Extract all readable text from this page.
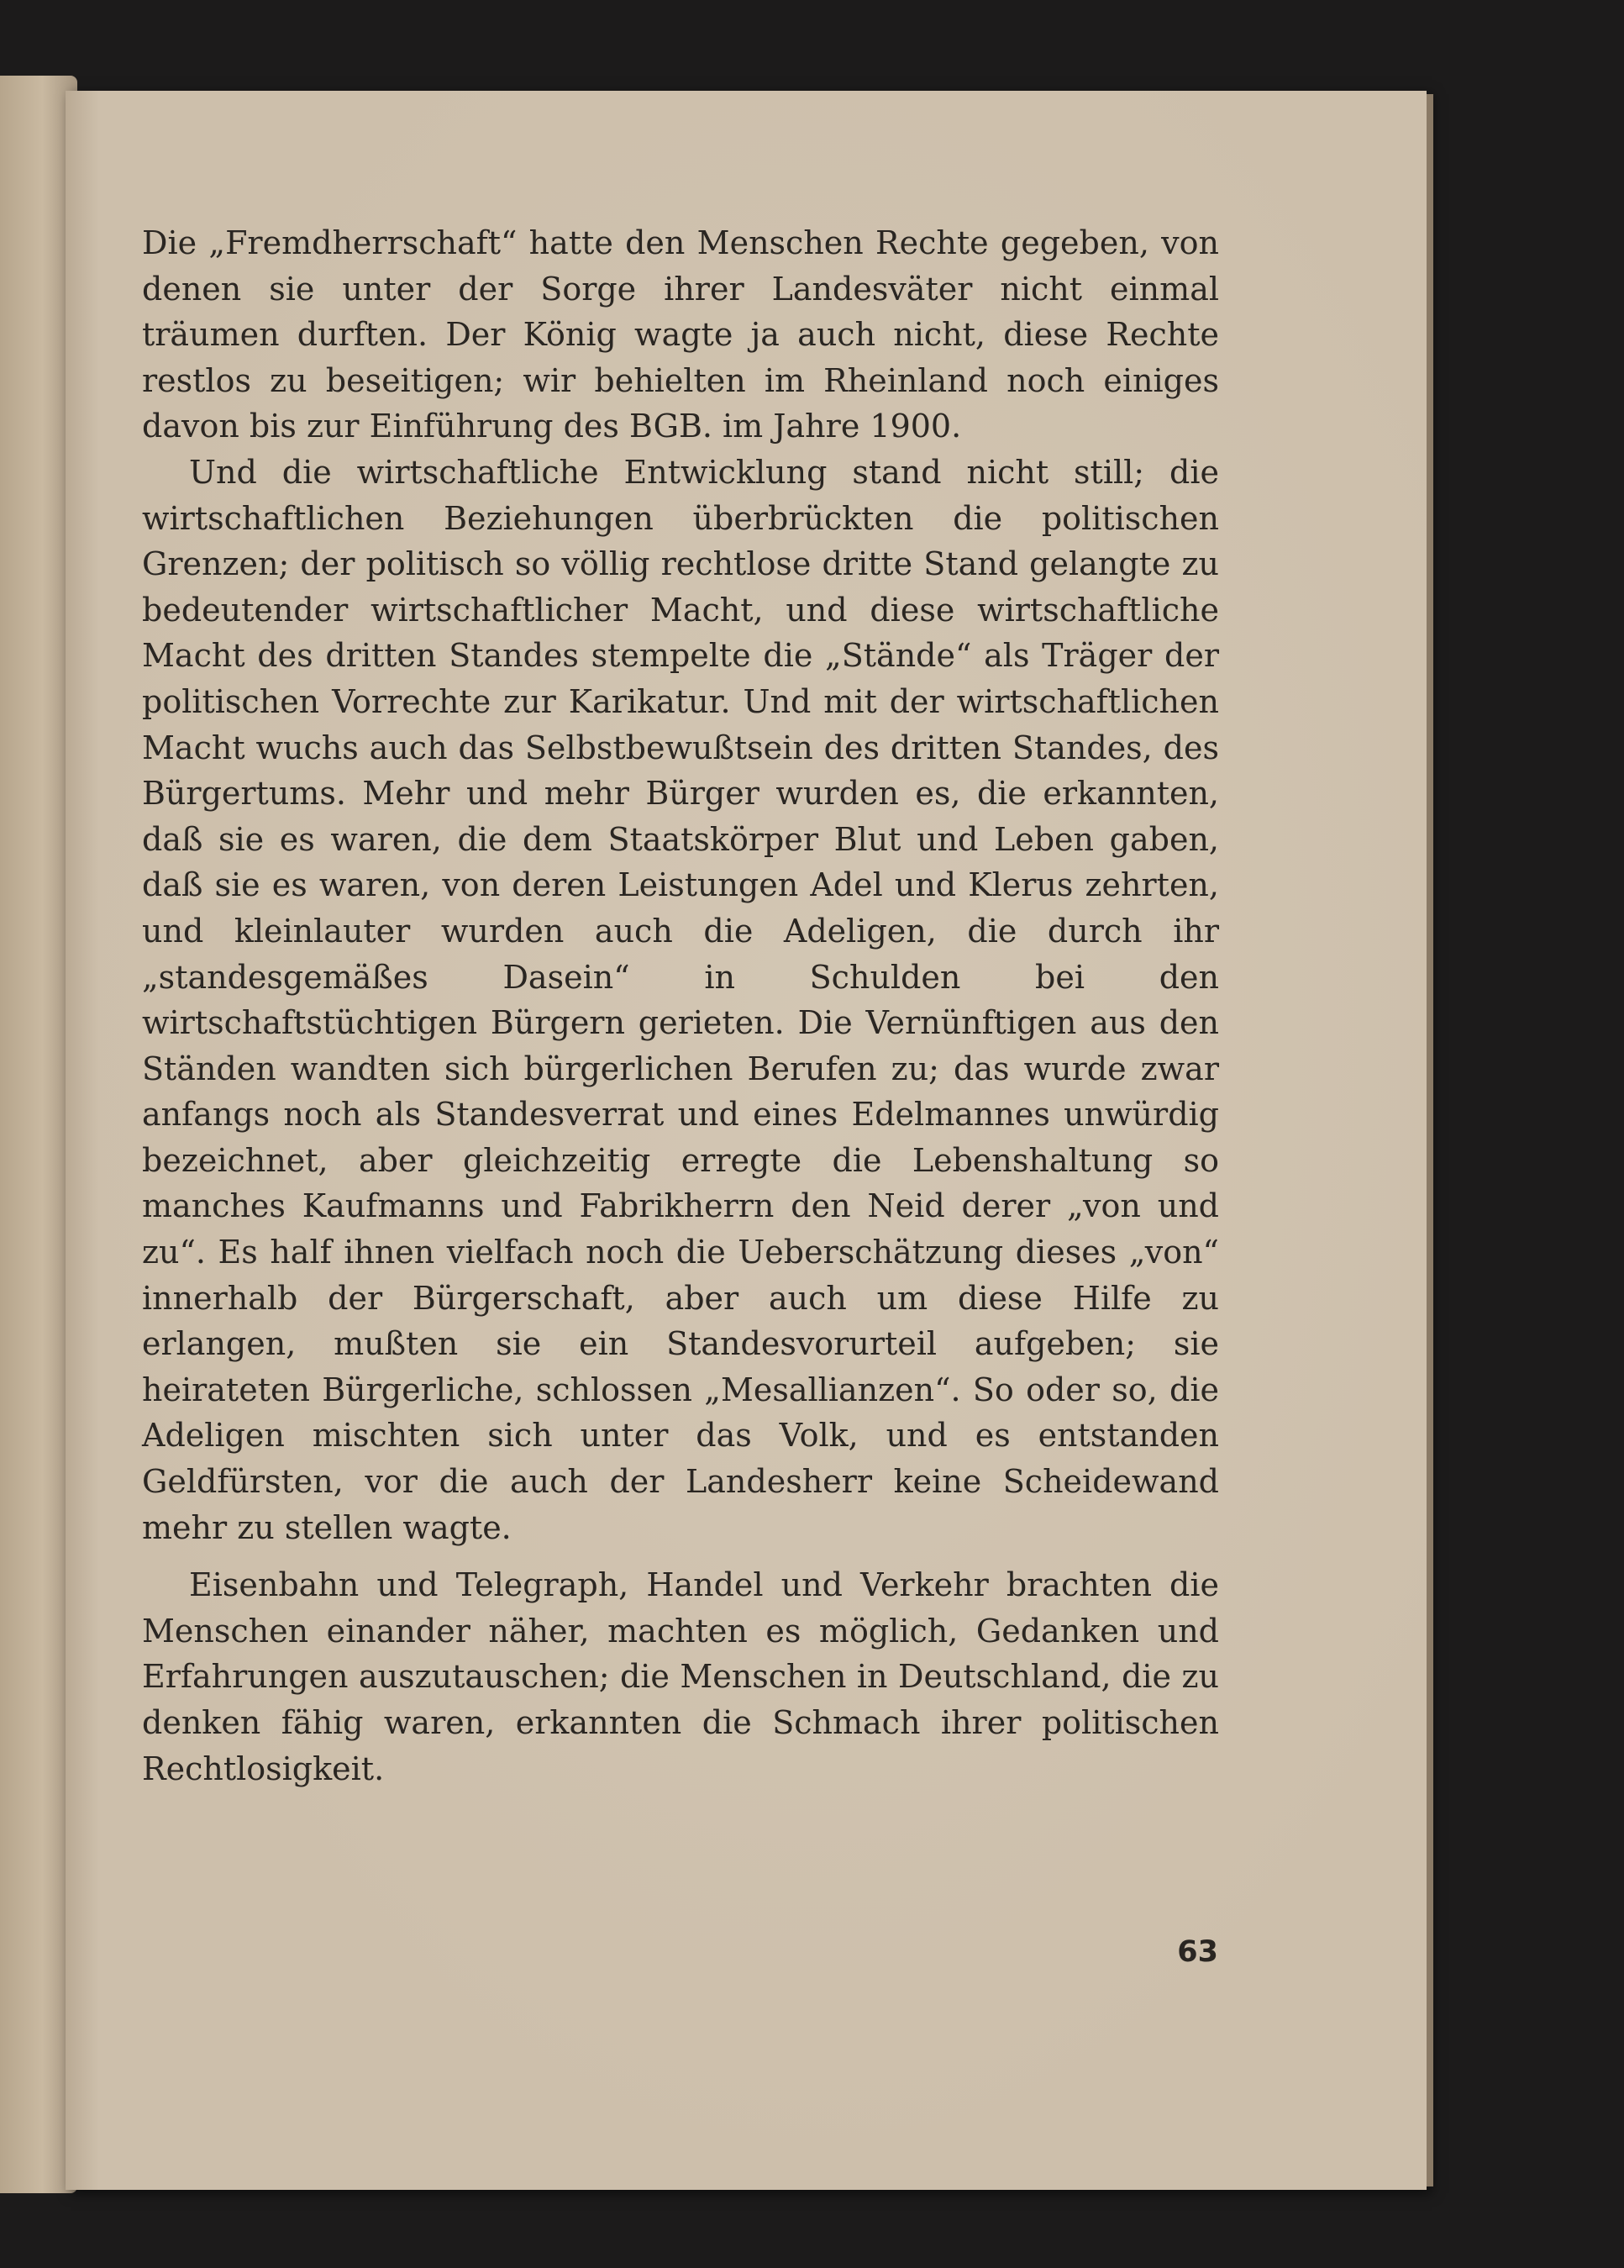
Die „Fremdherrschaft“ hatte den Menschen Rechte gegeben, von denen sie unter der Sorge ihrer Landesväter nicht einmal träumen durften. Der König wagte ja auch nicht, diese Rechte restlos zu beseitigen; wir behielten im Rheinland noch einiges davon bis zur Einführung des BGB. im Jahre 1900.

Und die wirtschaftliche Entwicklung stand nicht still; die wirtschaftlichen Beziehungen überbrückten die politischen Grenzen; der politisch so völlig rechtlose dritte Stand gelangte zu bedeutender wirtschaftlicher Macht, und diese wirtschaftliche Macht des dritten Standes stempelte die „Stände“ als Träger der politischen Vorrechte zur Karikatur. Und mit der wirtschaftlichen Macht wuchs auch das Selbstbewußtsein des dritten Standes, des Bürgertums. Mehr und mehr Bürger wurden es, die erkannten, daß sie es waren, die dem Staatskörper Blut und Leben gaben, daß sie es waren, von deren Leistungen Adel und Klerus zehrten, und kleinlauter wurden auch die Adeligen, die durch ihr „standesgemäßes Dasein“ in Schulden bei den wirtschaftstüchtigen Bürgern gerieten. Die Vernünftigen aus den Ständen wandten sich bürgerlichen Berufen zu; das wurde zwar anfangs noch als Standesverrat und eines Edelmannes unwürdig bezeichnet, aber gleichzeitig erregte die Lebenshaltung so manches Kaufmanns und Fabrikherrn den Neid derer „von und zu“. Es half ihnen vielfach noch die Ueberschätzung dieses „von“ innerhalb der Bürgerschaft, aber auch um diese Hilfe zu erlangen, mußten sie ein Standesvorurteil aufgeben; sie heirateten Bürgerliche, schlossen „Mesallianzen“. So oder so, die Adeligen mischten sich unter das Volk, und es entstanden Geldfürsten, vor die auch der Landesherr keine Scheidewand mehr zu stellen wagte.

Eisenbahn und Telegraph, Handel und Verkehr brachten die Menschen einander näher, machten es möglich, Gedanken und Erfahrungen auszutauschen; die Menschen in Deutschland, die zu denken fähig waren, erkannten die Schmach ihrer politischen Rechtlosigkeit.

63
